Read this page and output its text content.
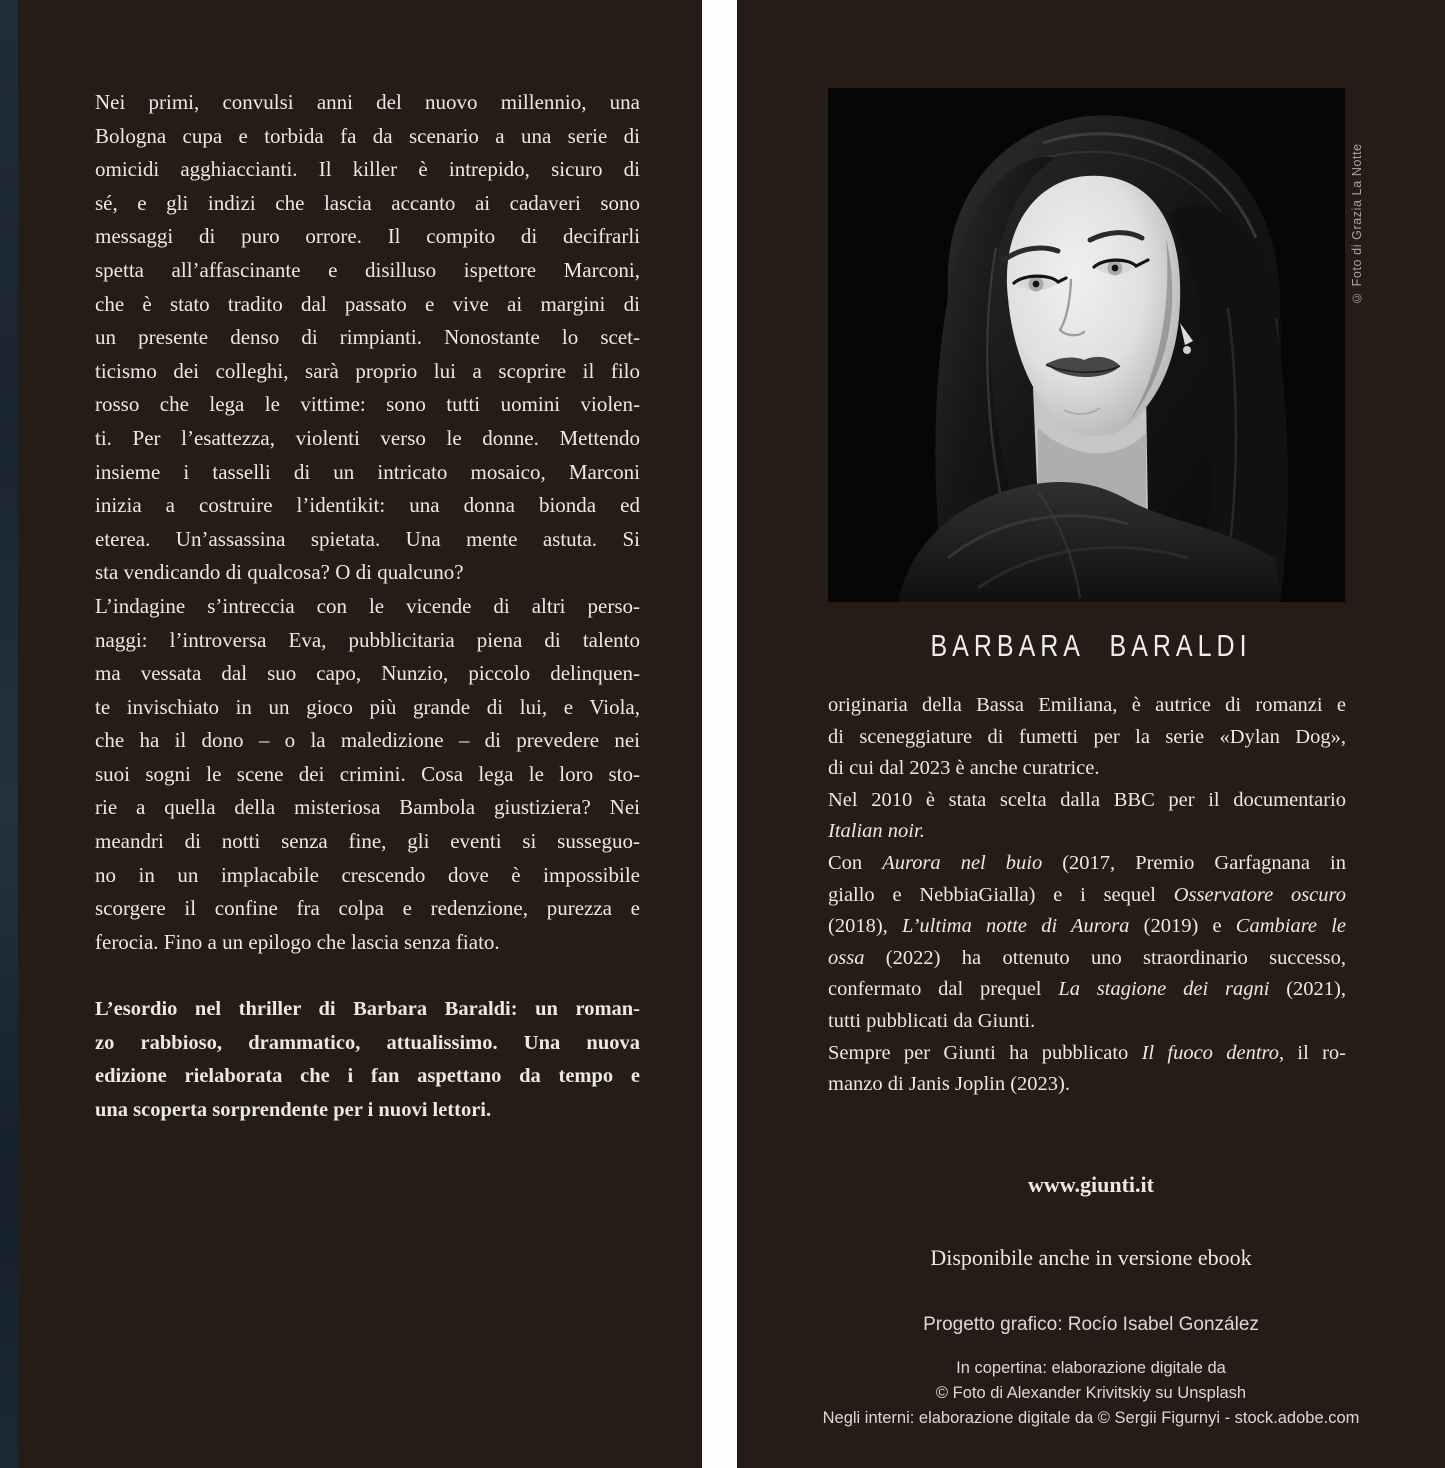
Nei primi, convulsi anni del nuovo millennio, una
Bologna cupa e torbida fa da scenario a una serie di
omicidi agghiaccianti. Il killer è intrepido, sicuro di
sé, e gli indizi che lascia accanto ai cadaveri sono
messaggi di puro orrore. Il compito di decifrarli
spetta all’affascinante e disilluso ispettore Marconi,
che è stato tradito dal passato e vive ai margini di
un presente denso di rimpianti. Nonostante lo scet-
ticismo dei colleghi, sarà proprio lui a scoprire il filo
rosso che lega le vittime: sono tutti uomini violen-
ti. Per l’esattezza, violenti verso le donne. Mettendo
insieme i tasselli di un intricato mosaico, Marconi
inizia a costruire l’identikit: una donna bionda ed
eterea. Un’assassina spietata. Una mente astuta. Si
sta vendicando di qualcosa? O di qualcuno?
L’indagine s’intreccia con le vicende di altri perso-
naggi: l’introversa Eva, pubblicitaria piena di talento
ma vessata dal suo capo, Nunzio, piccolo delinquen-
te invischiato in un gioco più grande di lui, e Viola,
che ha il dono – o la maledizione – di prevedere nei
suoi sogni le scene dei crimini. Cosa lega le loro sto-
rie a quella della misteriosa Bambola giustiziera? Nei
meandri di notti senza fine, gli eventi si susseguo-
no in un implacabile crescendo dove è impossibile
scorgere il confine fra colpa e redenzione, purezza e
ferocia. Fino a un epilogo che lascia senza fiato.
L’esordio nel thriller di Barbara Baraldi: un roman-
zo rabbioso, drammatico, attualissimo. Una nuova
edizione rielaborata che i fan aspettano da tempo e
una scoperta sorprendente per i nuovi lettori.
© Foto di Grazia La Notte
BARBARA BARALDI
originaria della Bassa Emiliana, è autrice di romanzi e
di sceneggiature di fumetti per la serie «Dylan Dog»,
di cui dal 2023 è anche curatrice.
Nel 2010 è stata scelta dalla BBC per il documentario
Italian noir.
Con Aurora nel buio (2017, Premio Garfagnana in
giallo e NebbiaGialla) e i sequel Osservatore oscuro
(2018), L’ultima notte di Aurora (2019) e Cambiare le
ossa (2022) ha ottenuto uno straordinario successo,
confermato dal prequel La stagione dei ragni (2021),
tutti pubblicati da Giunti.
Sempre per Giunti ha pubblicato Il fuoco dentro, il ro-
manzo di Janis Joplin (2023).
www.giunti.it
Disponibile anche in versione ebook
Progetto grafico: Rocío Isabel González
In copertina: elaborazione digitale da
© Foto di Alexander Krivitskiy su Unsplash
Negli interni: elaborazione digitale da © Sergii Figurnyi - stock.adobe.com
